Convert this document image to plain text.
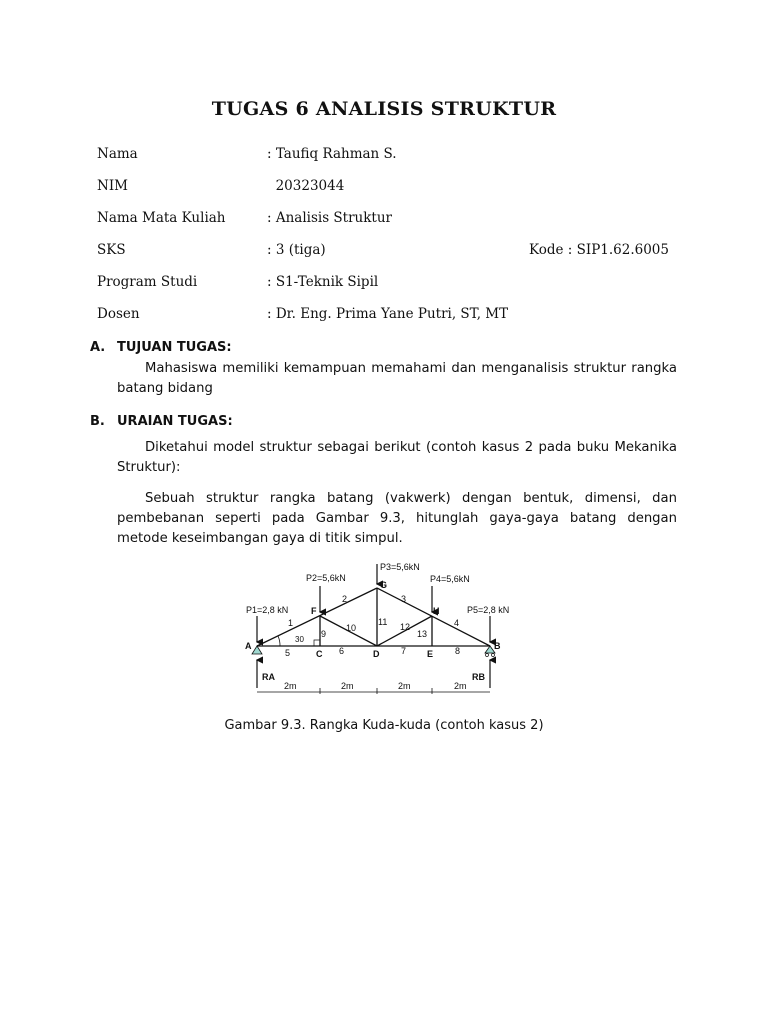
TUGAS 6 ANALISIS STRUKTUR
Nama	: Taufiq Rahman S.
NIM	20323044
Nama Mata Kuliah	: Analisis Struktur
SKS	: 3 (tiga)	Kode : SIP1.62.6005
Program Studi	: S1-Teknik Sipil
Dosen	: Dr. Eng. Prima Yane Putri, ST, MT
A. TUJUAN TUGAS:
Mahasiswa memiliki kemampuan memahami dan menganalisis struktur rangka batang bidang
B. URAIAN TUGAS:
Diketahui model struktur sebagai berikut (contoh kasus 2 pada buku Mekanika Struktur):
Sebuah struktur rangka batang (vakwerk) dengan bentuk, dimensi, dan pembebanan seperti pada Gambar 9.3, hitunglah gaya-gaya batang dengan metode keseimbangan gaya di titik simpul.
P1=2,8 kN
P2=5,6kN
P3=5,6kN
P4=5,6kN
P5=2,8 kN
A	B
C	D	E
F
G
H
1
2	3
4
5	6	7	8
9
10
11 12
13
30
RA	RB
2m	2m	2m	2m
Gambar 9.3. Rangka Kuda-kuda (contoh kasus 2)
